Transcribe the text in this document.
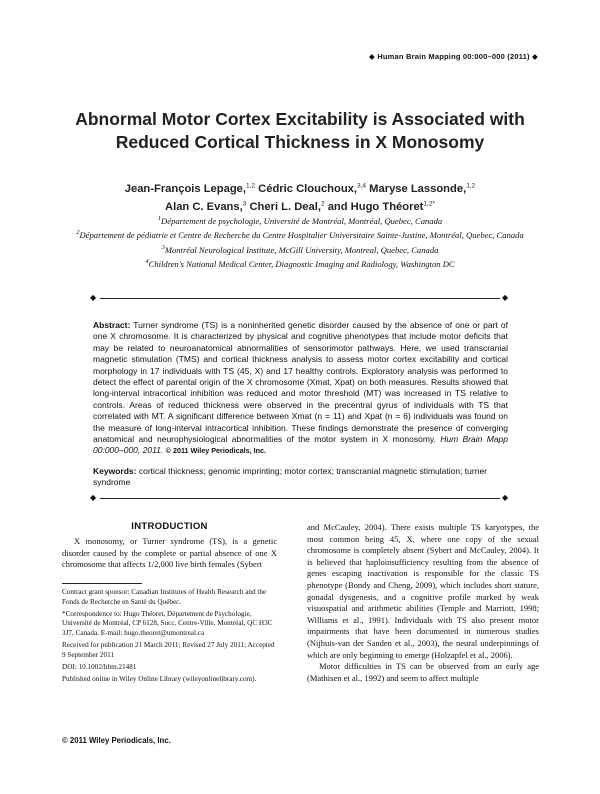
◆ Human Brain Mapping 00:000–000 (2011) ◆
Abnormal Motor Cortex Excitability is Associated with Reduced Cortical Thickness in X Monosomy
Jean-François Lepage,$^{1,2}$ Cédric Clouchoux,$^{3,4}$ Maryse Lassonde,$^{1,2}$
Alan C. Evans,$^3$ Cheri L. Deal,$^2$ and Hugo Théoret$^{1,2*}$
$^1$Département de psychologie, Université de Montréal, Montréal, Quebec, Canada
$^2$Département de pédiatrie et Centre de Recherche du Centre Hospitalier Universitaire Sainte-Justine, Montréal, Quebec, Canada
$^3$Montréal Neurological Institute, McGill University, Montreal, Quebec, Canada
$^4$Children's National Medical Center, Diagnostic Imaging and Radiology, Washington DC
◆	◆
Abstract: Turner syndrome (TS) is a noninherited genetic disorder caused by the absence of one or part of one X chromosome. It is characterized by physical and cognitive phenotypes that include motor deficits that may be related to neuroanatomical abnormalities of sensorimotor pathways. Here, we used transcranial magnetic stimulation (TMS) and cortical thickness analysis to assess motor cortex excitability and cortical morphology in 17 individuals with TS (45, X) and 17 healthy controls. Exploratory analysis was performed to detect the effect of parental origin of the X chromosome (Xmat, Xpat) on both measures. Results showed that long-interval intracortical inhibition was reduced and motor threshold (MT) was increased in TS relative to controls. Areas of reduced thickness were observed in the precentral gyrus of individuals with TS that correlated with MT. A significant difference between Xmat (n = 11) and Xpat (n = 6) individuals was found on the measure of long-interval intracortical inhibition. These findings demonstrate the presence of converging anatomical and neurophysiological abnormalities of the motor system in X monosomy. Hum Brain Mapp 00:000–000, 2011. © 2011 Wiley Periodicals, Inc.
Keywords: cortical thickness; genomic imprinting; motor cortex; transcranial magnetic stimulation; turner syndrome
◆	◆
INTRODUCTION

X monosomy, or Turner syndrome (TS), is a genetic disorder caused by the complete or partial absence of one X chromosome that affects 1/2,000 live birth females (Sybert

Contract grant sponsor: Canadian Institutes of Health Research and the Fonds de Recherche en Santé du Québec.

*Correspondence to: Hugo Théoret, Département de Psychologie, Université de Montréal, CP 6128, Succ. Centre-Ville, Montréal, QC H3C 3J7, Canada. E-mail: hugo.theoret@umontreal.ca

Received for publication 21 March 2011; Revised 27 July 2011; Accepted 9 September 2011

DOI: 10.1002/hbm.21481

Published online in Wiley Online Library (wileyonlinelibrary.com).

© 2011 Wiley Periodicals, Inc.

and McCauley, 2004). There exists multiple TS karyotypes, the most common being 45, X, where one copy of the sexual chromosome is completely absent (Sybert and McCauley, 2004). It is believed that haploinsufficiency resulting from the absence of genes escaping inactivation is responsible for the classic TS phenotype (Bondy and Cheng, 2009), which includes short stature, gonadal dysgenesis, and a cognitive profile marked by weak visuospatial and arithmetic abilities (Temple and Marriott, 1998; Williams et al., 1991). Individuals with TS also present motor impairments that have been documented in numerous studies (Nijhuis-van der Sanden et al., 2003), the neural underpinnings of which are only beginning to emerge (Holzapfel et al., 2006).

Motor difficulties in TS can be observed from an early age (Mathisen et al., 1992) and seem to affect multiple
